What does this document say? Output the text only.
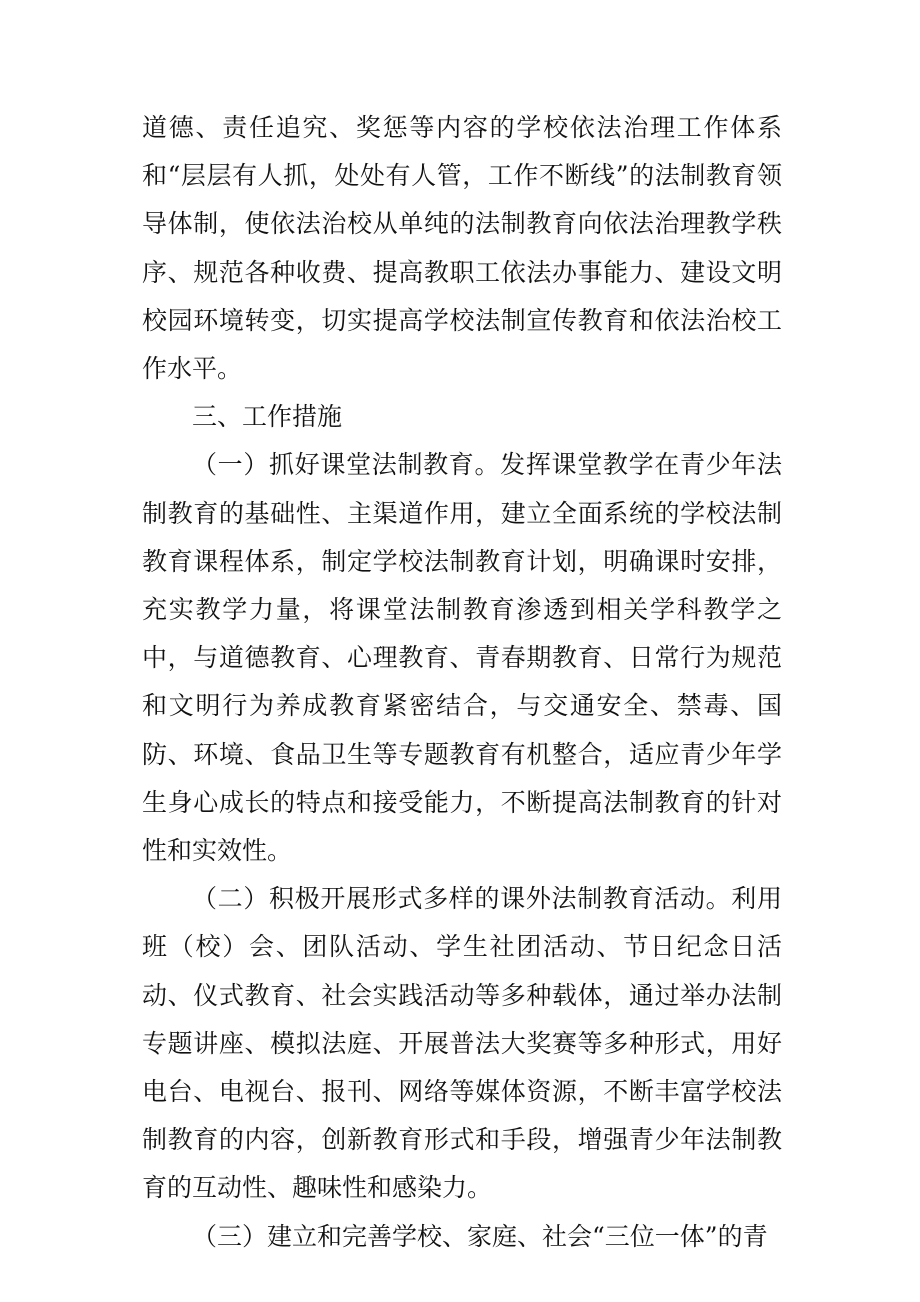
道德、责任追究、奖惩等内容的学校依法治理工作体系和“层层有人抓，处处有人管，工作不断线”的法制教育领导体制，使依法治校从单纯的法制教育向依法治理教学秩序、规范各种收费、提高教职工依法办事能力、建设文明校园环境转变，切实提高学校法制宣传教育和依法治校工作水平。

三、工作措施

（一）抓好课堂法制教育。发挥课堂教学在青少年法制教育的基础性、主渠道作用，建立全面系统的学校法制教育课程体系，制定学校法制教育计划，明确课时安排，充实教学力量，将课堂法制教育渗透到相关学科教学之中，与道德教育、心理教育、青春期教育、日常行为规范和文明行为养成教育紧密结合，与交通安全、禁毒、国防、环境、食品卫生等专题教育有机整合，适应青少年学生身心成长的特点和接受能力，不断提高法制教育的针对性和实效性。

（二）积极开展形式多样的课外法制教育活动。利用班（校）会、团队活动、学生社团活动、节日纪念日活动、仪式教育、社会实践活动等多种载体，通过举办法制专题讲座、模拟法庭、开展普法大奖赛等多种形式，用好电台、电视台、报刊、网络等媒体资源，不断丰富学校法制教育的内容，创新教育形式和手段，增强青少年法制教育的互动性、趣味性和感染力。

（三）建立和完善学校、家庭、社会“三位一体”的青
